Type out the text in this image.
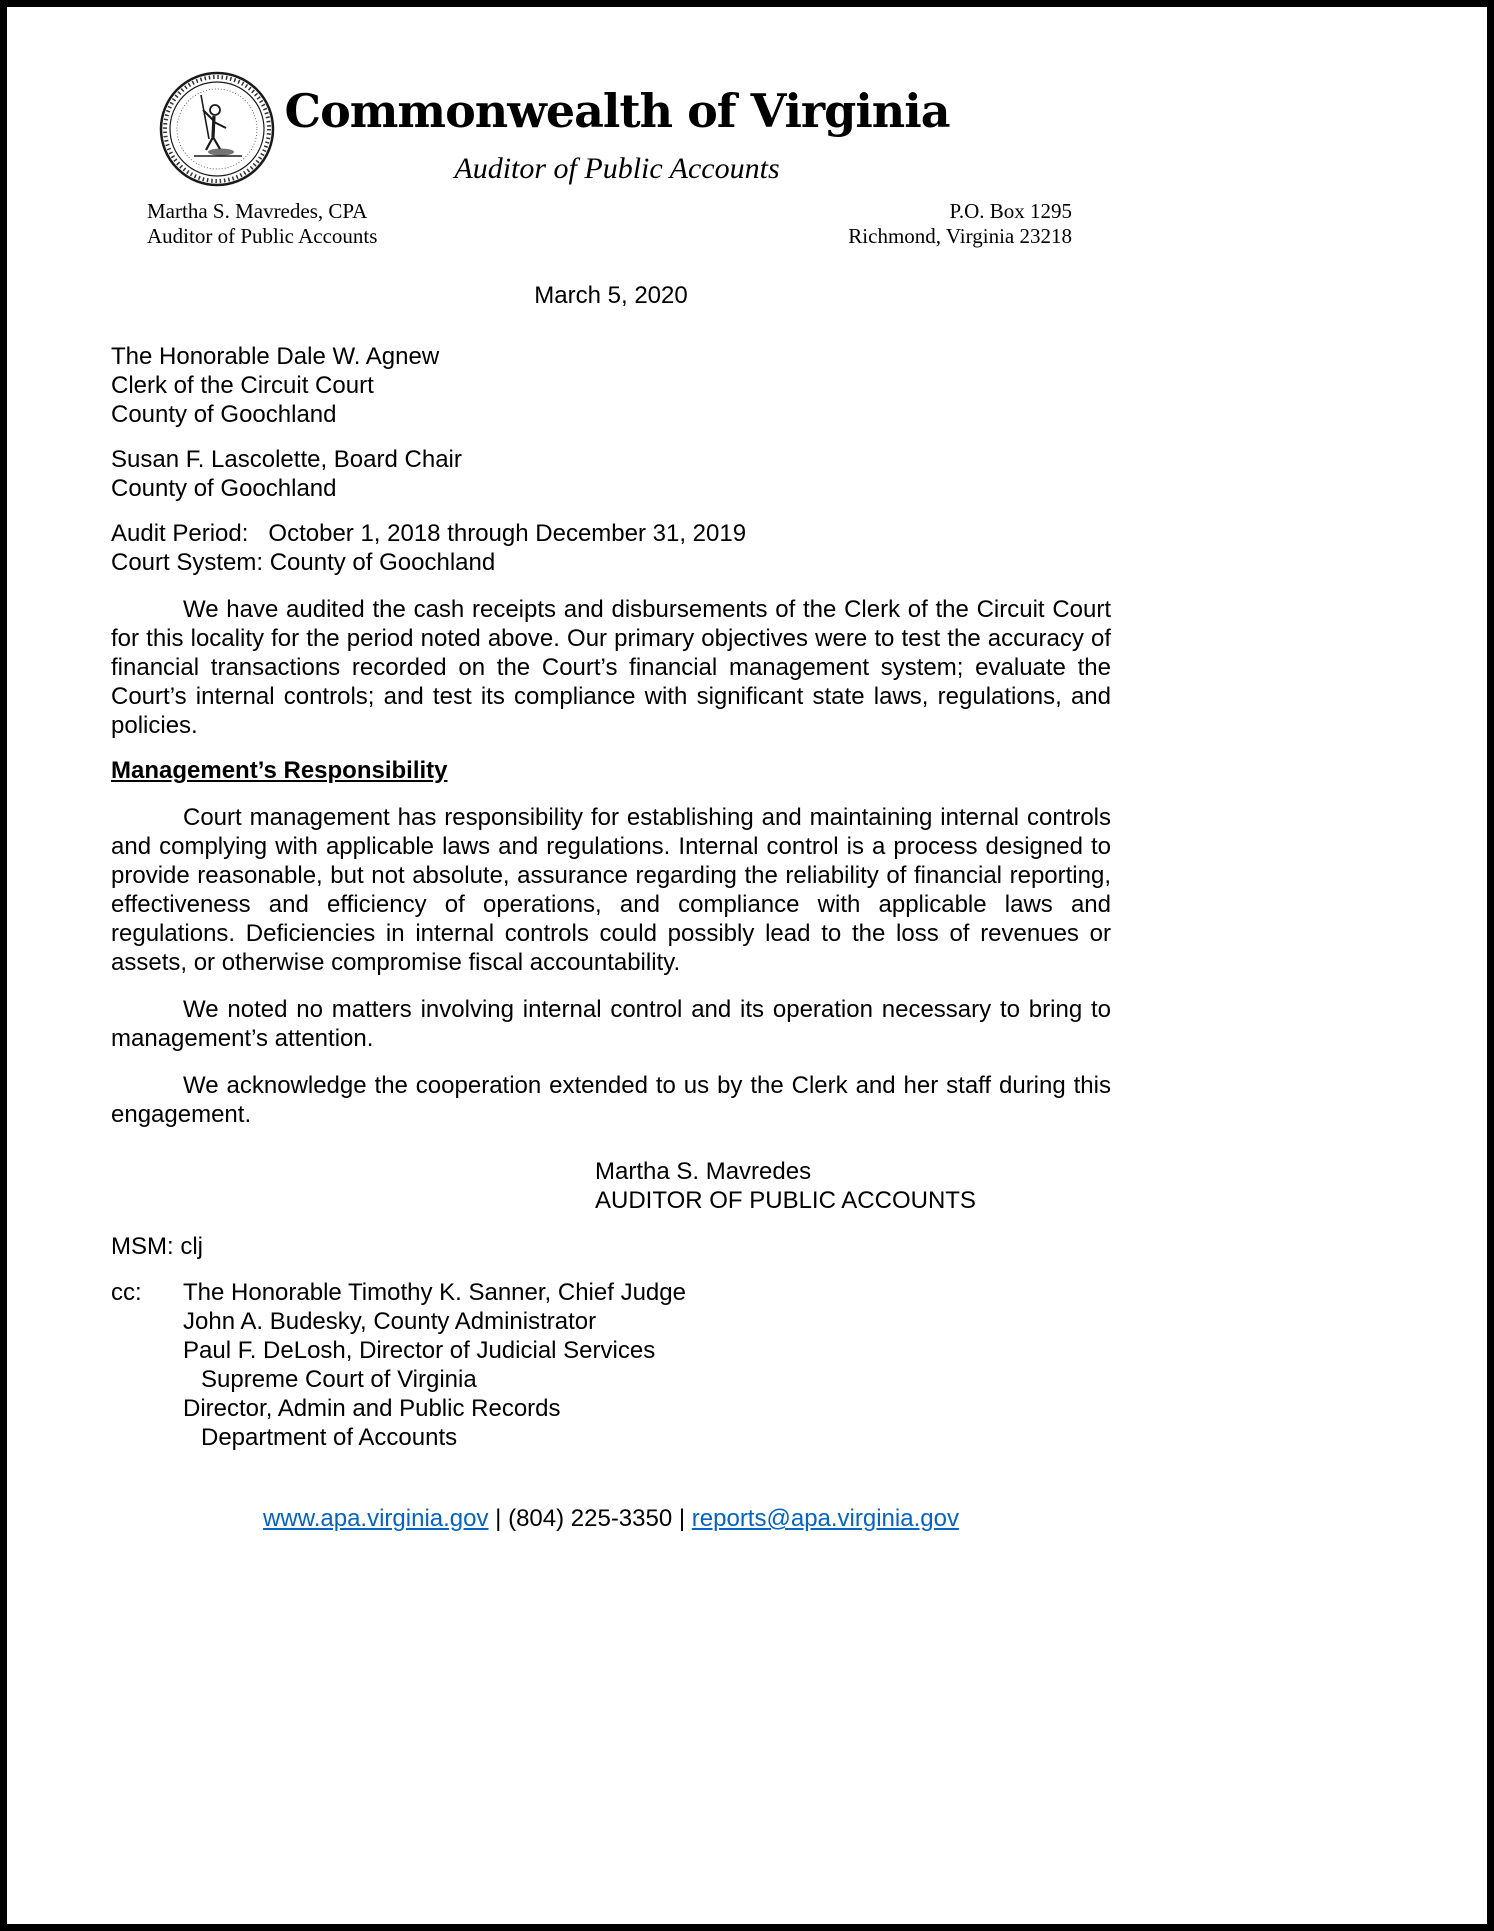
Commonwealth of Virginia
Auditor of Public Accounts
Martha S. Mavredes, CPA
Auditor of Public Accounts
P.O. Box 1295
Richmond, Virginia 23218
March 5, 2020
The Honorable Dale W. Agnew
Clerk of the Circuit Court
County of Goochland
Susan F. Lascolette, Board Chair
County of Goochland
Audit Period:   October 1, 2018 through December 31, 2019
Court System: County of Goochland

We have audited the cash receipts and disbursements of the Clerk of the Circuit Court for this locality for the period noted above. Our primary objectives were to test the accuracy of financial transactions recorded on the Court’s financial management system; evaluate the Court’s internal controls; and test its compliance with significant state laws, regulations, and policies.

Management’s Responsibility

Court management has responsibility for establishing and maintaining internal controls and complying with applicable laws and regulations. Internal control is a process designed to provide reasonable, but not absolute, assurance regarding the reliability of financial reporting, effectiveness and efficiency of operations, and compliance with applicable laws and regulations. Deficiencies in internal controls could possibly lead to the loss of revenues or assets, or otherwise compromise fiscal accountability.

We noted no matters involving internal control and its operation necessary to bring to management’s attention.

We acknowledge the cooperation extended to us by the Clerk and her staff during this engagement.

Martha S. Mavredes
AUDITOR OF PUBLIC ACCOUNTS
MSM: clj
cc:	The Honorable Timothy K. Sanner, Chief Judge
John A. Budesky, County Administrator
Paul F. DeLosh, Director of Judicial Services
Supreme Court of Virginia
Director, Admin and Public Records
Department of Accounts
www.apa.virginia.gov | (804) 225-3350 | reports@apa.virginia.gov
